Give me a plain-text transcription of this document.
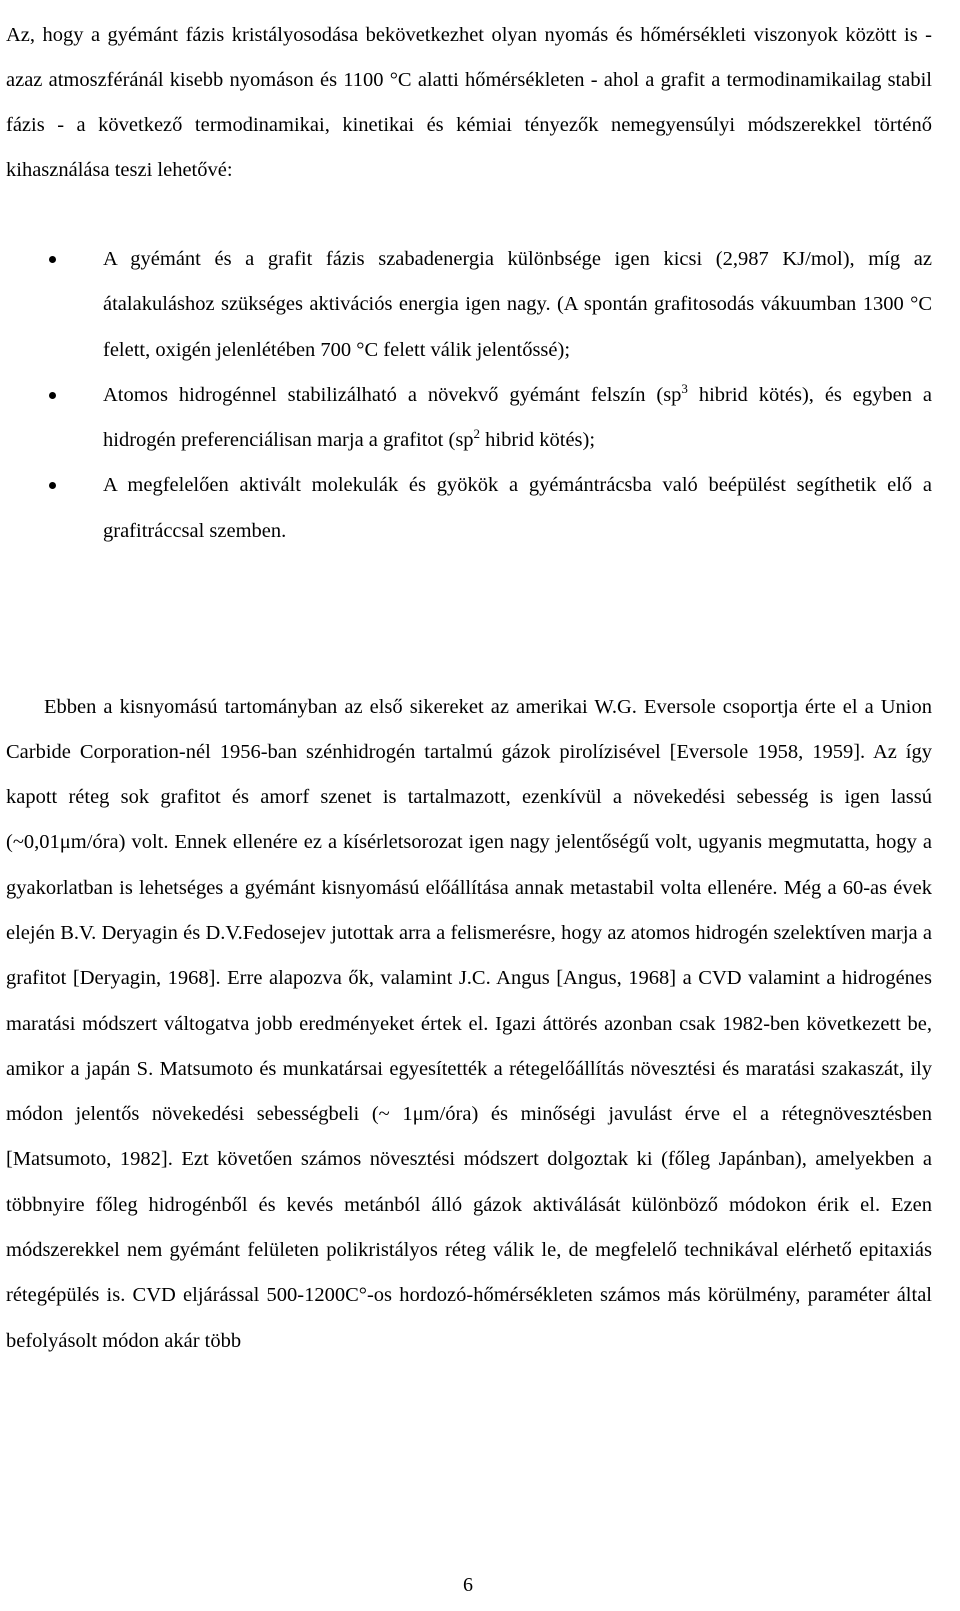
Az, hogy a gyémánt fázis kristályosodása bekövetkezhet olyan nyomás és hőmérsékleti viszonyok között is - azaz atmoszféránál kisebb nyomáson és 1100 °C alatti hőmérsékleten - ahol a grafit a termodinamikailag stabil fázis - a következő termodinamikai, kinetikai és kémiai tényezők nemegyensúlyi módszerekkel történő kihasználása teszi lehetővé:

A gyémánt és a grafit fázis szabadenergia különbsége igen kicsi (2,987 KJ/mol), míg az átalakuláshoz szükséges aktivációs energia igen nagy. (A spontán grafitosodás vákuumban 1300 °C felett, oxigén jelenlétében 700 °C felett válik jelentőssé);
Atomos hidrogénnel stabilizálható a növekvő gyémánt felszín ($sp^3$ hibrid kötés), és egyben a hidrogén preferenciálisan marja a grafitot ($sp^2$ hibrid kötés);
A megfelelően aktivált molekulák és gyökök a gyémántrácsba való beépülést segíthetik elő a grafitráccsal szemben.

Ebben a kisnyomású tartományban az első sikereket az amerikai W.G. Eversole csoportja érte el a Union Carbide Corporation-nél 1956-ban szénhidrogén tartalmú gázok pirolízisével [Eversole 1958, 1959]. Az így kapott réteg sok grafitot és amorf szenet is tartalmazott, ezenkívül a növekedési sebesség is igen lassú (~0,01μm/óra) volt. Ennek ellenére ez a kísérletsorozat igen nagy jelentőségű volt, ugyanis megmutatta, hogy a gyakorlatban is lehetséges a gyémánt kisnyomású előállítása annak metastabil volta ellenére. Még a 60-as évek elején B.V. Deryagin és D.V.Fedosejev jutottak arra a felismerésre, hogy az atomos hidrogén szelektíven marja a grafitot [Deryagin, 1968]. Erre alapozva ők, valamint J.C. Angus [Angus, 1968] a CVD valamint a hidrogénes maratási módszert váltogatva jobb eredményeket értek el. Igazi áttörés azonban csak 1982-ben következett be, amikor a japán S. Matsumoto és munkatársai egyesítették a rétegelőállítás növesztési és maratási szakaszát, ily módon jelentős növekedési sebességbeli (~ 1μm/óra) és minőségi javulást érve el a rétegnövesztésben [Matsumoto, 1982]. Ezt követően számos növesztési módszert dolgoztak ki (főleg Japánban), amelyekben a többnyire főleg hidrogénből és kevés metánból álló gázok aktiválását különböző módokon érik el. Ezen módszerekkel nem gyémánt felületen polikristályos réteg válik le, de megfelelő technikával elérhető epitaxiás rétegépülés is. CVD eljárással 500-1200C°-os hordozó-hőmérsékleten számos más körülmény, paraméter által befolyásolt módon akár több

6
